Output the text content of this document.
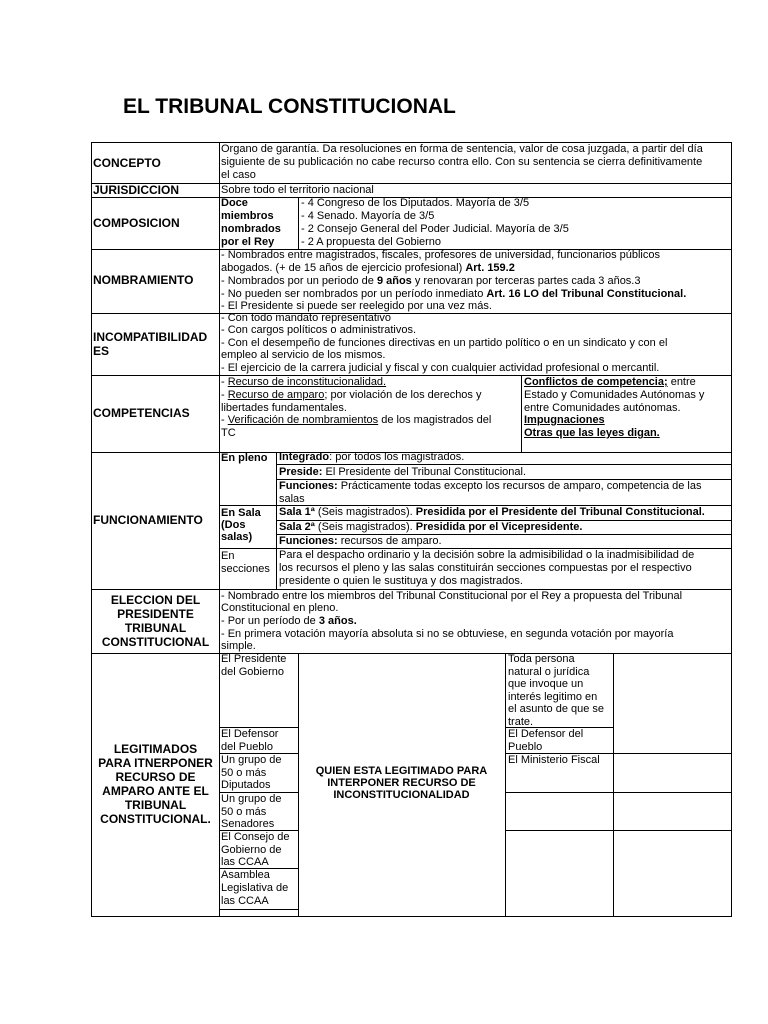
EL TRIBUNAL CONSTITUCIONAL
CONCEPTO
Organo de garantía. Da resoluciones en forma de sentencia, valor de cosa juzgada, a partir del día
siguiente de su publicación no cabe recurso contra ello. Con su sentencia se cierra definitivamente
el caso
JURISDICCION	Sobre todo el territorio nacional
COMPOSICION
Doce
miembros
nombrados
por el Rey
- 4 Congreso de los Diputados. Mayoría de 3/5
- 4 Senado. Mayoría de 3/5
- 2 Consejo General del Poder Judicial. Mayoría de 3/5
- 2 A propuesta del Gobierno
NOMBRAMIENTO
- Nombrados entre magistrados, fiscales, profesores de universidad, funcionarios públicos
abogados. (+ de 15 años de ejercicio profesional) Art. 159.2
- Nombrados por un periodo de 9 años y renovaran por terceras partes cada 3 años.3
- No pueden ser nombrados por un período inmediato Art. 16 LO del Tribunal Constitucional.
- El Presidente si puede ser reelegido por una vez más.
INCOMPATIBILIDAD
ES
- Con todo mandato representativo
- Con cargos políticos o administrativos.
- Con el desempeño de funciones directivas en un partido político o en un sindicato y con el
empleo al servicio de los mismos.
- El ejercicio de la carrera judicial y fiscal y con cualquier actividad profesional o mercantil.
COMPETENCIAS
- Recurso de inconstitucionalidad.
- Recurso de amparo; por violación de los derechos y
libertades fundamentales.
- Verificación de nombramientos de los magistrados del
TC
Conflictos de competencia; entre
Estado y Comunidades Autónomas y
entre Comunidades autónomas.
Impugnaciones
Otras que las leyes digan.
FUNCIONAMIENTO
En pleno Integrado: por todos los magistrados.
Preside: El Presidente del Tribunal Constitucional.
Funciones: Prácticamente todas excepto los recursos de amparo, competencia de las
salas
En Sala
(Dos
salas)
Sala 1ª (Seis magistrados). Presidida por el Presidente del Tribunal Constitucional.
Sala 2ª (Seis magistrados). Presidida por el Vicepresidente.
Funciones: recursos de amparo.
En
secciones
Para el despacho ordinario y la decisión sobre la admisibilidad o la inadmisibilidad de
los recursos el pleno y las salas constituirán secciones compuestas por el respectivo
presidente o quien le sustituya y dos magistrados.
ELECCION DEL
PRESIDENTE
TRIBUNAL
CONSTITUCIONAL
- Nombrado entre los miembros del Tribunal Constitucional por el Rey a propuesta del Tribunal
Constitucional en pleno.
- Por un período de 3 años.
- En primera votación mayoría absoluta si no se obtuviese, en segunda votación por mayoría
simple.
LEGITIMADOS
PARA ITNERPONER
RECURSO DE
AMPARO ANTE EL
TRIBUNAL
CONSTITUCIONAL.
El Presidente
del Gobierno
El Defensor
del Pueblo
Un grupo de
50 o más
Diputados
Un grupo de
50 o más
Senadores
El Consejo de
Gobierno de
las CCAA
Asamblea
Legislativa de
las CCAA
QUIEN ESTA LEGITIMADO PARA
INTERPONER RECURSO DE
INCONSTITUCIONALIDAD
Toda persona
natural o jurídica
que invoque un
interés legitimo en
el asunto de que se
trate.
El Defensor del
Pueblo
El Ministerio Fiscal
